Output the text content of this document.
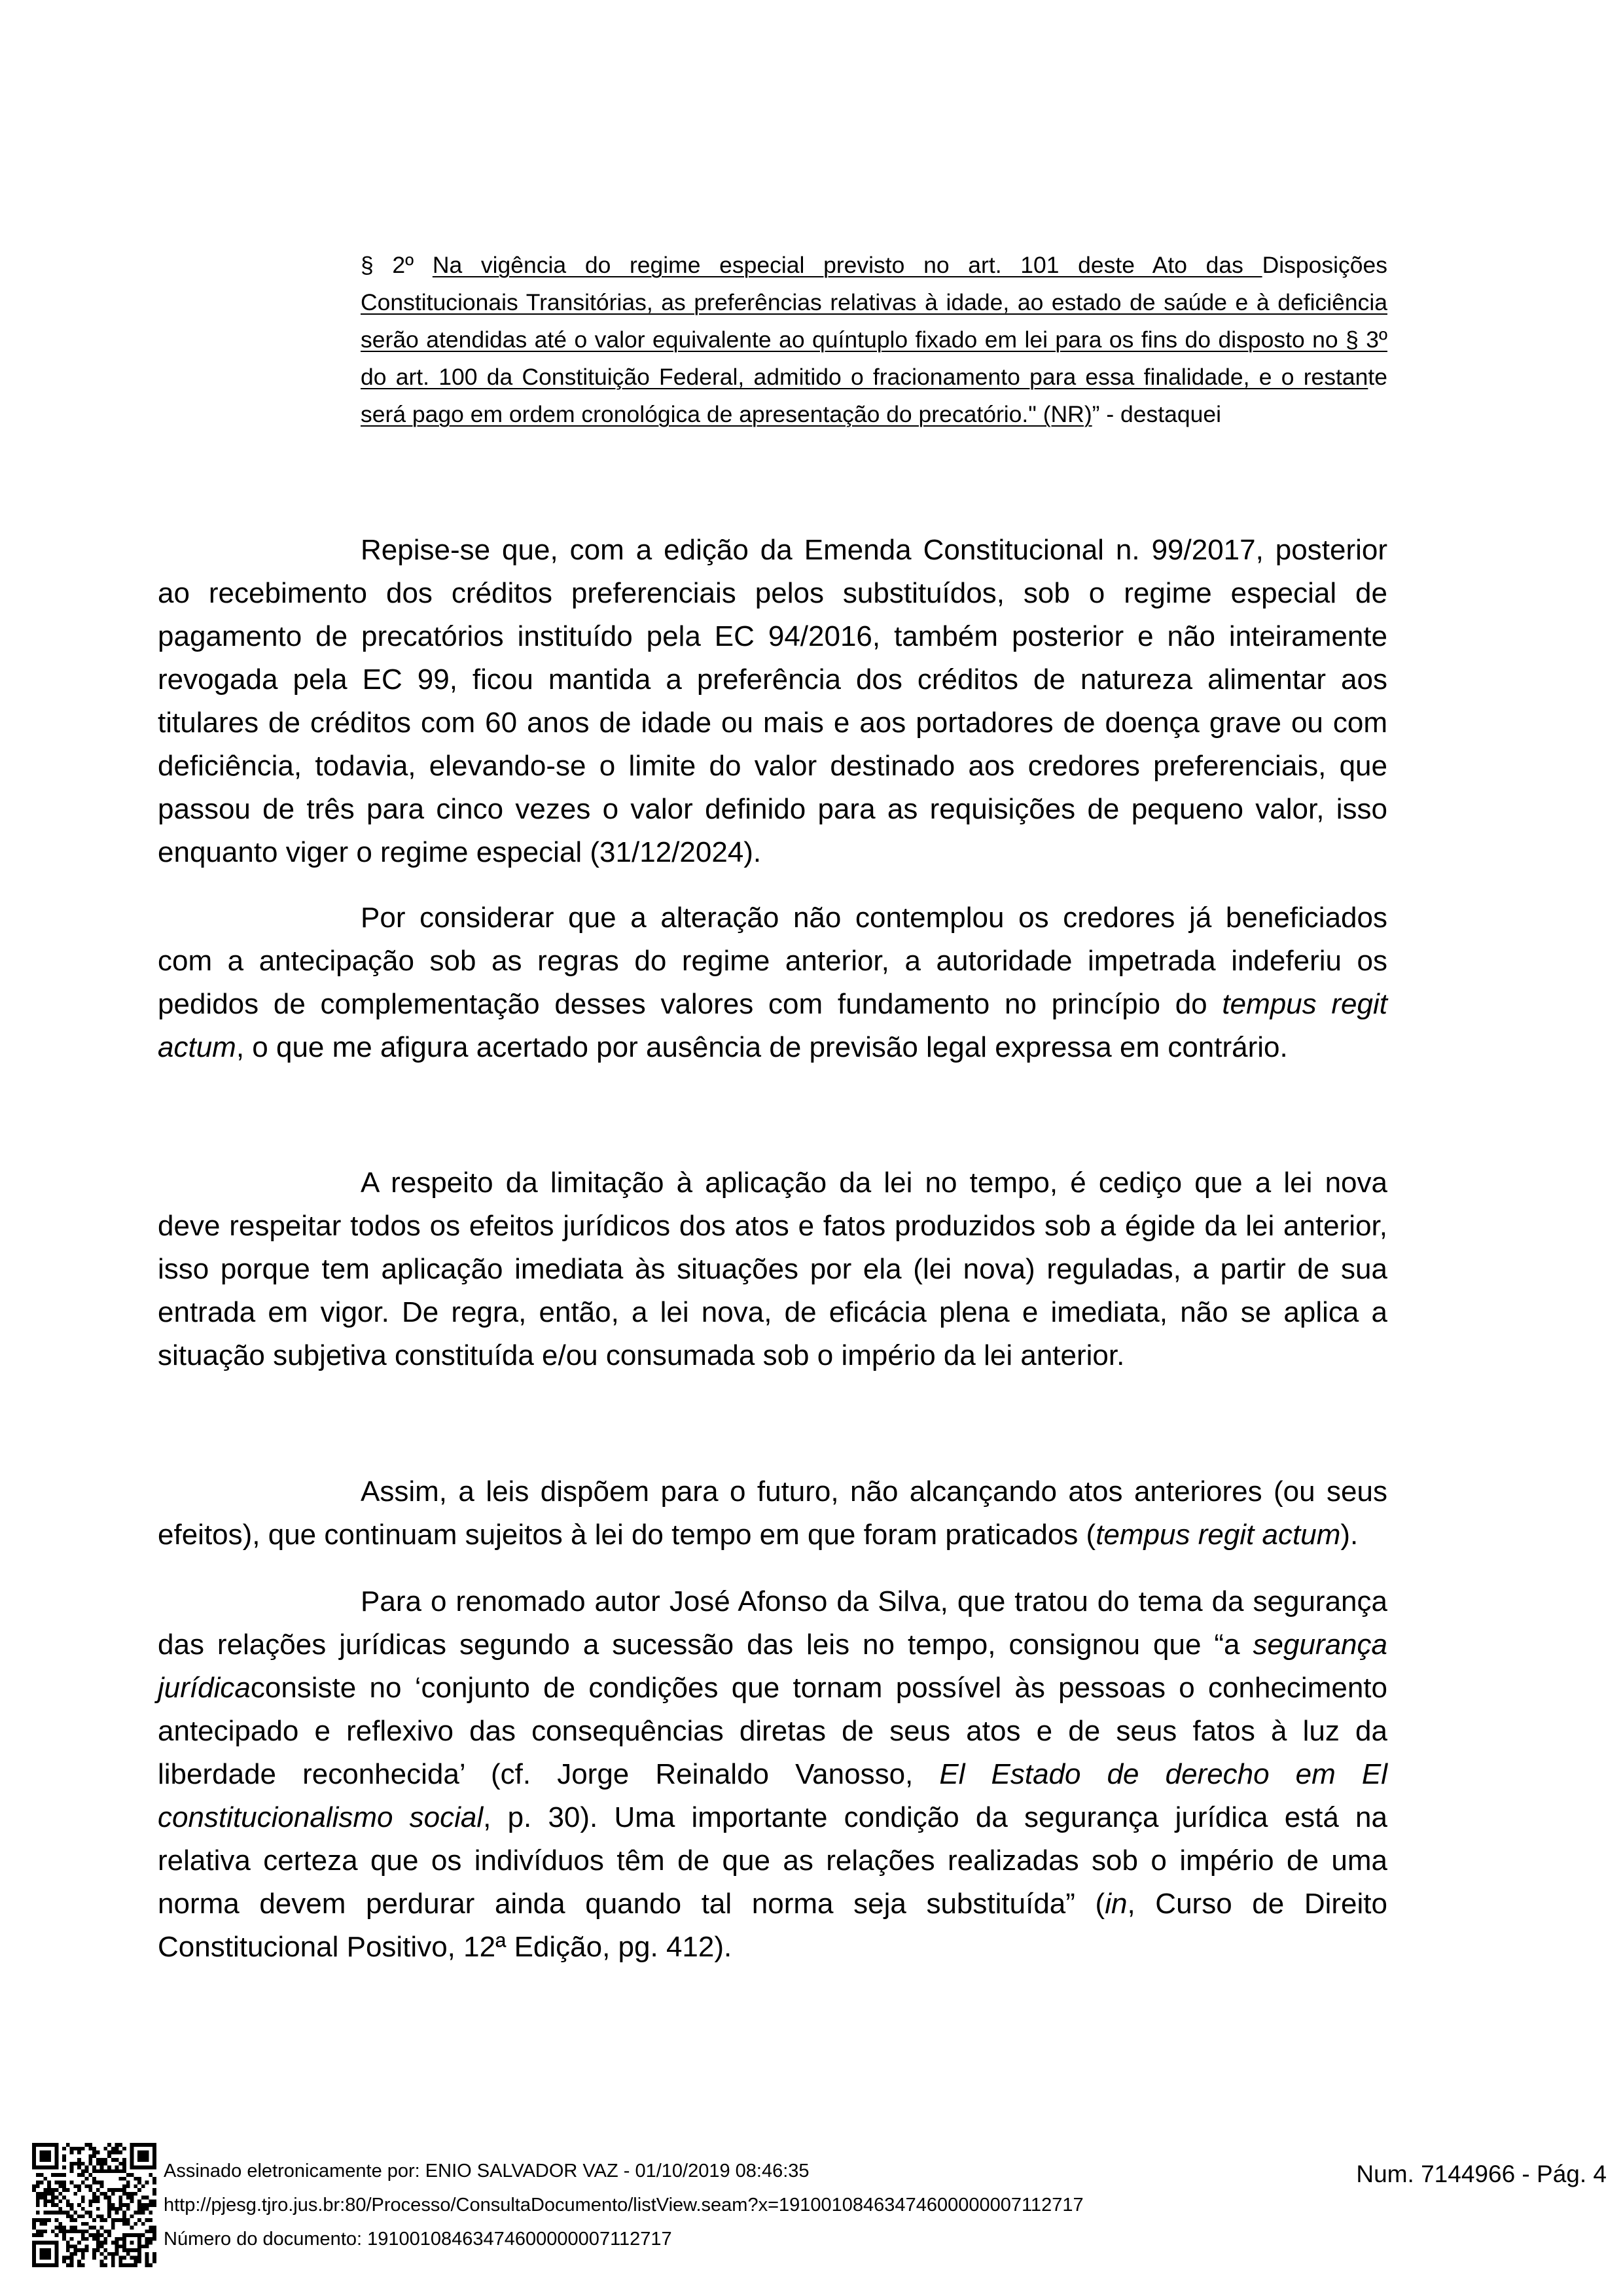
§ 2º Na vigência do regime especial previsto no art. 101 deste Ato das Disposições
Constitucionais Transitórias, as preferências relativas à idade, ao estado de saúde e à deficiência
serão atendidas até o valor equivalente ao quíntuplo fixado em lei para os fins do disposto no § 3º
do art. 100 da Constituição Federal, admitido o fracionamento para essa finalidade, e o restante
será pago em ordem cronológica de apresentação do precatório." (NR)” - destaquei
Repise-se que, com a edição da Emenda Constitucional n. 99/2017, posterior
ao recebimento dos créditos preferenciais pelos substituídos, sob o regime especial de
pagamento de precatórios instituído pela EC 94/2016, também posterior e não inteiramente
revogada pela EC 99, ficou mantida a preferência dos créditos de natureza alimentar aos
titulares de créditos com 60 anos de idade ou mais e aos portadores de doença grave ou com
deficiência, todavia, elevando-se o limite do valor destinado aos credores preferenciais, que
passou de três para cinco vezes o valor definido para as requisições de pequeno valor, isso
enquanto viger o regime especial (31/12/2024).
Por considerar que a alteração não contemplou os credores já beneficiados
com a antecipação sob as regras do regime anterior, a autoridade impetrada indeferiu os
pedidos de complementação desses valores com fundamento no princípio do tempus regit
actum, o que me afigura acertado por ausência de previsão legal expressa em contrário.
A respeito da limitação à aplicação da lei no tempo, é cediço que a lei nova
deve respeitar todos os efeitos jurídicos dos atos e fatos produzidos sob a égide da lei anterior,
isso porque tem aplicação imediata às situações por ela (lei nova) reguladas, a partir de sua
entrada em vigor. De regra, então, a lei nova, de eficácia plena e imediata, não se aplica a
situação subjetiva constituída e/ou consumada sob o império da lei anterior.
Assim, a leis dispõem para o futuro, não alcançando atos anteriores (ou seus
efeitos), que continuam sujeitos à lei do tempo em que foram praticados (tempus regit actum).
Para o renomado autor José Afonso da Silva, que tratou do tema da segurança
das relações jurídicas segundo a sucessão das leis no tempo, consignou que “a segurança
jurídicaconsiste no ‘conjunto de condições que tornam possível às pessoas o conhecimento
antecipado e reflexivo das consequências diretas de seus atos e de seus fatos à luz da
liberdade reconhecida’ (cf. Jorge Reinaldo Vanosso, El Estado de derecho em El
constitucionalismo social, p. 30). Uma importante condição da segurança jurídica está na
relativa certeza que os indivíduos têm de que as relações realizadas sob o império de uma
norma devem perdurar ainda quando tal norma seja substituída” (in, Curso de Direito
Constitucional Positivo, 12ª Edição, pg. 412).
Assinado eletronicamente por: ENIO SALVADOR VAZ - 01/10/2019 08:46:35
http://pjesg.tjro.jus.br:80/Processo/ConsultaDocumento/listView.seam?x=19100108463474600000007112717
Número do documento: 19100108463474600000007112717
Num. 7144966 - Pág. 4
